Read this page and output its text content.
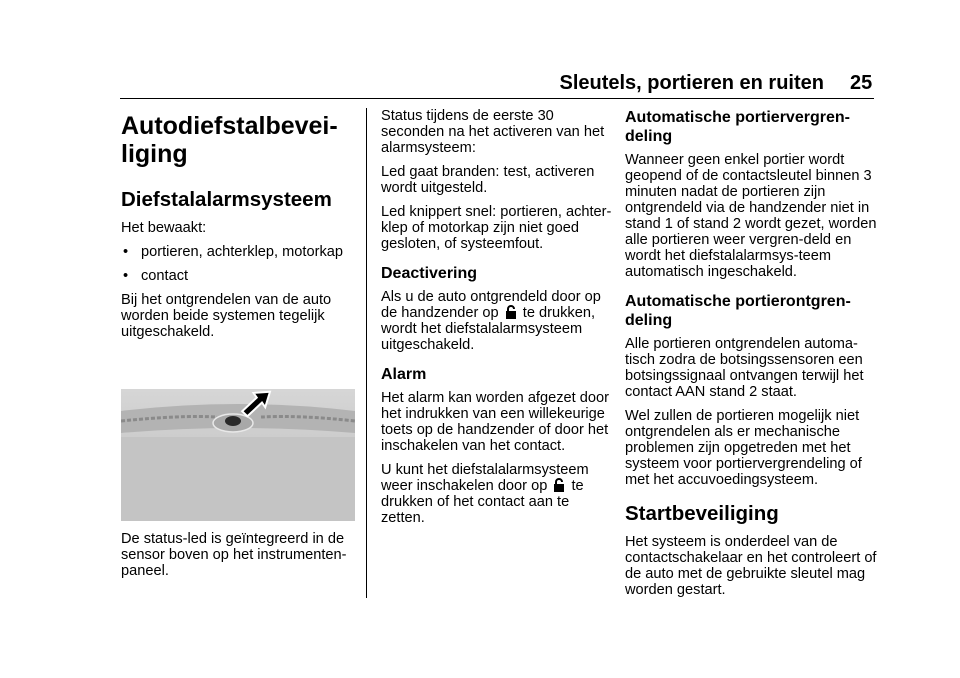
Sleutels, portieren en ruiten 25
Autodiefstalbevei-
liging
Diefstalalarmsysteem

Het bewaakt:

• portieren, achterklep, motorkap
• contact

Bij het ontgrendelen van de auto worden beide systemen tegelijk uitgeschakeld.

De status-led is geïntegreerd in de sensor boven op het instrumenten-paneel.

Status tijdens de eerste 30 seconden na het activeren van het alarmsysteem:

Led gaat branden: test, activeren wordt uitgesteld.

Led knippert snel: portieren, achter-klep of motorkap zijn niet goed gesloten, of systeemfout.

Deactivering

Als u de auto ontgrendeld door op de handzender op te drukken, wordt het diefstalalarmsysteem uitgeschakeld.

Alarm

Het alarm kan worden afgezet door het indrukken van een willekeurige toets op de handzender of door het inschakelen van het contact.

U kunt het diefstalalarmsysteem weer inschakelen door op te drukken of het contact aan te zetten.

Automatische portiervergren-
deling

Wanneer geen enkel portier wordt geopend of de contactsleutel binnen 3 minuten nadat de portieren zijn ontgrendeld via de handzender niet in stand 1 of stand 2 wordt gezet, worden alle portieren weer vergren-deld en wordt het diefstalalarmsys-teem automatisch ingeschakeld.

Automatische portierontgren-
deling

Alle portieren ontgrendelen automa-tisch zodra de botsingssensoren een botsingssignaal ontvangen terwijl het contact AAN stand 2 staat.

Wel zullen de portieren mogelijk niet ontgrendelen als er mechanische problemen zijn opgetreden met het systeem voor portiervergrendeling of met het accuvoedingsysteem.

Startbeveiliging

Het systeem is onderdeel van de contactschakelaar en het controleert of de auto met de gebruikte sleutel mag worden gestart.
